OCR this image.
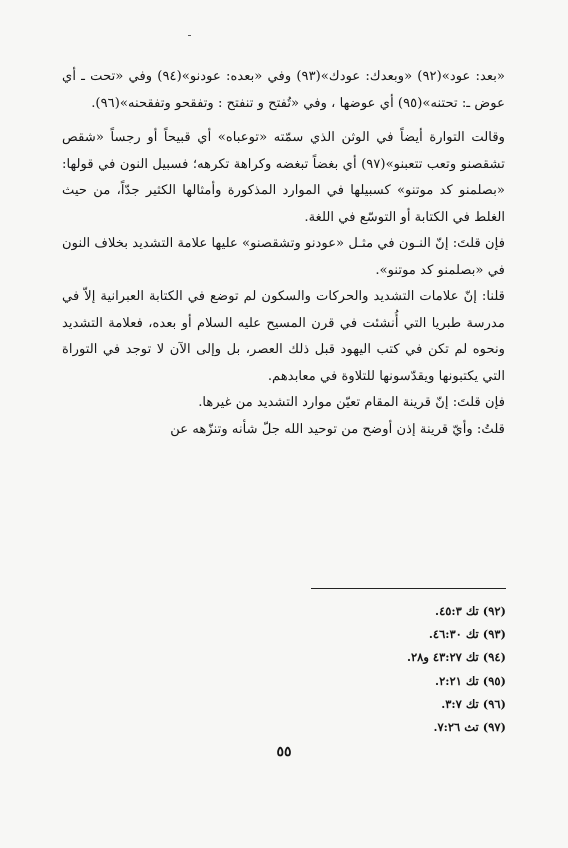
«بعد: عود»(٩٢) «وبعدك: عودك»(٩٣) وفي «بعده: عودنو»(٩٤) وفي «تحت ـ أي عوض ـ: تحتنه»(٩٥) أي عوضها ، وفي «تُفتح و تنفتح : وتفقحو وتفقحنه»(٩٦).

وقالت التوارة أيضاً في الوثن الذي سمّته «توعباه» أي قبيحاً أو رجساً «شقص تشقصنو وتعب تتعبنو»(٩٧) أي بغضاً تبغضه وكراهة تكرهه؛ فسبيل النون في قولها: «بصلمنو كد موتنو» كسبيلها في الموارد المذكورة وأمثالها الكثير جدّاً، من حيث الغلط في الكتابة أو التوسّع في اللغة.

فإن قلتَ: إنّ النـون في مثـل «عودنو وتشقصنو» عليها علامة التشديد بخلاف النون في «بصلمنو كد موتنو».

قلنا: إنّ علامات التشديد والحركات والسكون لم توضع في الكتابة العبرانية إلاّ في مدرسة طبريا التي أُنشئت في قرن المسيح عليه السلام أو بعده، فعلامة التشديد ونحوه لم تكن في كتب اليهود قبل ذلك العصر، بل وإلى الآن لا توجد في التوراة التي يكتبونها ويقدّسونها للتلاوة في معابدهم.

فإن قلتَ: إنّ قرينة المقام تعيّن موارد التشديد من غيرها.

قلتُ: وأيّ قرينة إذن أوضح من توحيد الله جلّ شأنه وتنزّهه عن

(٩٢) تك ٤٥:٣.
(٩٣) تك ٤٦:٣٠.
(٩٤) تك ٤٣:٢٧ و٢٨.
(٩٥) تك ٢:٢١.
(٩٦) تك ٣:٧.
(٩٧) تث ٧:٢٦.
٥٥
